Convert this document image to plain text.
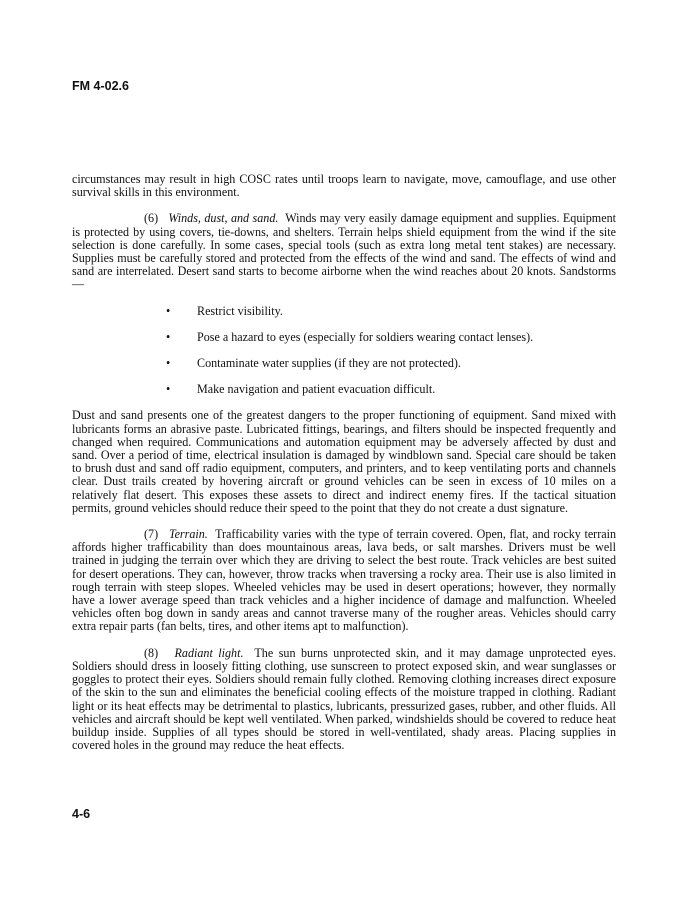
FM 4-02.6

circumstances may result in high COSC rates until troops learn to navigate, move, camouflage, and use other survival skills in this environment.

(6) Winds, dust, and sand. Winds may very easily damage equipment and supplies. Equipment is protected by using covers, tie-downs, and shelters. Terrain helps shield equipment from the wind if the site selection is done carefully. In some cases, special tools (such as extra long metal tent stakes) are necessary. Supplies must be carefully stored and protected from the effects of the wind and sand. The effects of wind and sand are interrelated. Desert sand starts to become airborne when the wind reaches about 20 knots. Sandstorms—

• Restrict visibility.
• Pose a hazard to eyes (especially for soldiers wearing contact lenses).
• Contaminate water supplies (if they are not protected).
• Make navigation and patient evacuation difficult.

Dust and sand presents one of the greatest dangers to the proper functioning of equipment. Sand mixed with lubricants forms an abrasive paste. Lubricated fittings, bearings, and filters should be inspected frequently and changed when required. Communications and automation equipment may be adversely affected by dust and sand. Over a period of time, electrical insulation is damaged by windblown sand. Special care should be taken to brush dust and sand off radio equipment, computers, and printers, and to keep ventilating ports and channels clear. Dust trails created by hovering aircraft or ground vehicles can be seen in excess of 10 miles on a relatively flat desert. This exposes these assets to direct and indirect enemy fires. If the tactical situation permits, ground vehicles should reduce their speed to the point that they do not create a dust signature.

(7) Terrain. Trafficability varies with the type of terrain covered. Open, flat, and rocky terrain affords higher trafficability than does mountainous areas, lava beds, or salt marshes. Drivers must be well trained in judging the terrain over which they are driving to select the best route. Track vehicles are best suited for desert operations. They can, however, throw tracks when traversing a rocky area. Their use is also limited in rough terrain with steep slopes. Wheeled vehicles may be used in desert operations; however, they normally have a lower average speed than track vehicles and a higher incidence of damage and malfunction. Wheeled vehicles often bog down in sandy areas and cannot traverse many of the rougher areas. Vehicles should carry extra repair parts (fan belts, tires, and other items apt to malfunction).

(8) Radiant light. The sun burns unprotected skin, and it may damage unprotected eyes. Soldiers should dress in loosely fitting clothing, use sunscreen to protect exposed skin, and wear sunglasses or goggles to protect their eyes. Soldiers should remain fully clothed. Removing clothing increases direct exposure of the skin to the sun and eliminates the beneficial cooling effects of the moisture trapped in clothing. Radiant light or its heat effects may be detrimental to plastics, lubricants, pressurized gases, rubber, and other fluids. All vehicles and aircraft should be kept well ventilated. When parked, windshields should be covered to reduce heat buildup inside. Supplies of all types should be stored in well-ventilated, shady areas. Placing supplies in covered holes in the ground may reduce the heat effects.

4-6
